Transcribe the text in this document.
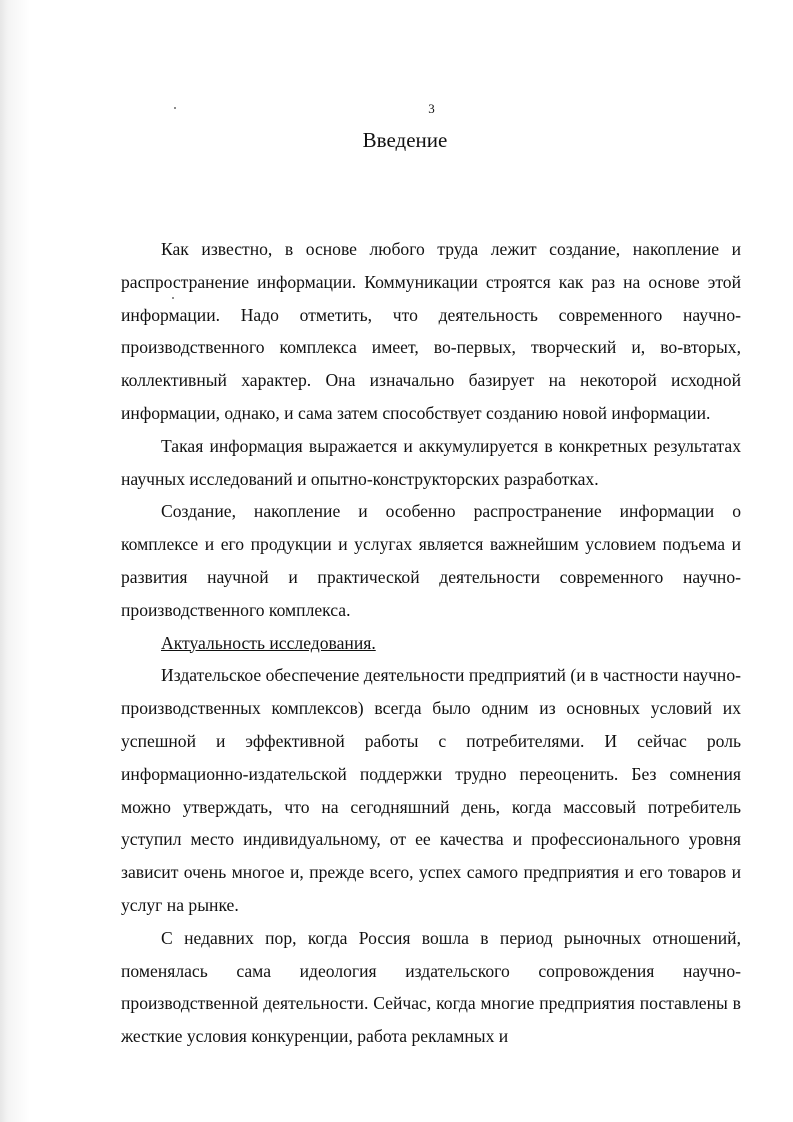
3
Введение

Как известно, в основе любого труда лежит создание, накопление и распространение информации. Коммуникации строятся как раз на основе этой информации. Надо отметить, что деятельность современного научно-производственного комплекса имеет, во-первых, творческий и, во-вторых, коллективный характер. Она изначально базирует на некоторой исходной информации, однако, и сама затем способствует созданию новой информации.

Такая информация выражается и аккумулируется в конкретных результатах научных исследований и опытно-конструкторских разработках.

Создание, накопление и особенно распространение информации о комплексе и его продукции и услугах является важнейшим условием подъема и развития научной и практической деятельности современного научно-производственного комплекса.

Актуальность исследования.

Издательское обеспечение деятельности предприятий (и в частности научно-производственных комплексов) всегда было одним из основных условий их успешной и эффективной работы с потребителями. И сейчас роль информационно-издательской поддержки трудно переоценить. Без сомнения можно утверждать, что на сегодняшний день, когда массовый потребитель уступил место индивидуальному, от ее качества и профессионального уровня зависит очень многое и, прежде всего, успех самого предприятия и его товаров и услуг на рынке.

С недавних пор, когда Россия вошла в период рыночных отношений, поменялась сама идеология издательского сопровождения научно-производственной деятельности. Сейчас, когда многие предприятия поставлены в жесткие условия конкуренции, работа рекламных и
